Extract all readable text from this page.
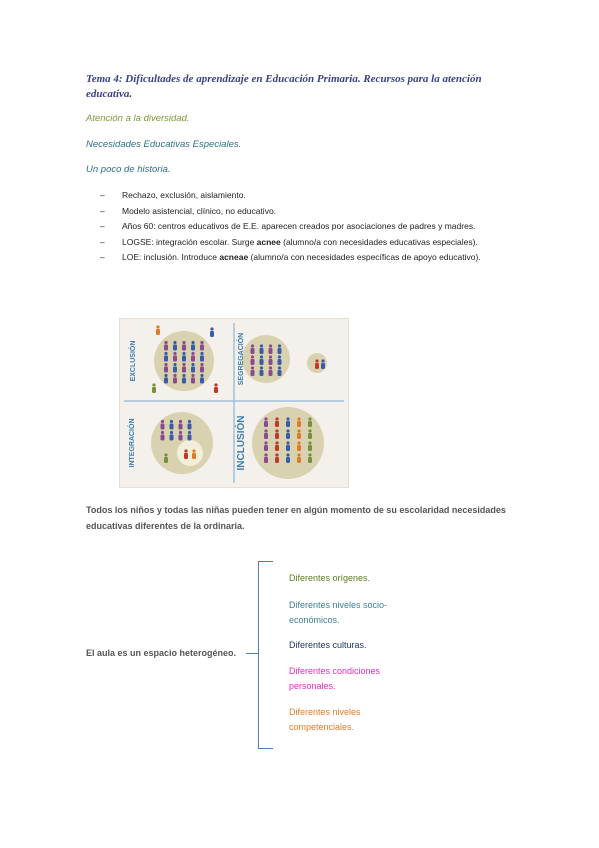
Tema 4: Dificultades de aprendizaje en Educación Primaria. Recursos para la atención educativa.
Atención a la diversidad.
Necesidades Educativas Especiales.
Un poco de historia.
– Rechazo, exclusión, aislamiento.
– Modelo asistencial, clínico, no educativo.
– Años 60: centros educativos de E.E. aparecen creados por asociaciones de padres y madres.
– LOGSE: integración escolar. Surge acnee (alumno/a con necesidades educativas especiales).
– LOE: inclusión. Introduce acneae (alumno/a con necesidades específicas de apoyo educativo).
EXCLUSIÓN	SEGREGACIÓN
INTEGRACIÓN	INCLUSIÓN
Todos los niños y todas las niñas pueden tener en algún momento de su escolaridad necesidades educativas diferentes de la ordinaria.
El aula es un espacio heterogéneo.
Diferentes orígenes.
Diferentes niveles socio-económicos.
Diferentes culturas.
Diferentes condiciones personales.
Diferentes niveles competenciales.
